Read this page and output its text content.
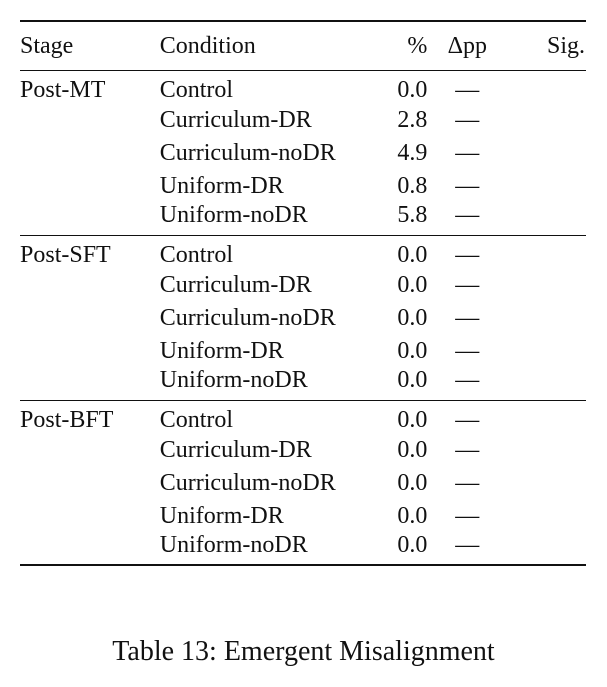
Stage	Condition	%	Δpp	Sig.
Post-MT	Control	0.0	—	
	Curriculum-DR	2.8	—	
	Curriculum-noDR	4.9	—	
	Uniform-DR	0.8	—	
	Uniform-noDR	5.8	—	
Post-SFT	Control	0.0	—	
	Curriculum-DR	0.0	—	
	Curriculum-noDR	0.0	—	
	Uniform-DR	0.0	—	
	Uniform-noDR	0.0	—	
Post-BFT	Control	0.0	—	
	Curriculum-DR	0.0	—	
	Curriculum-noDR	0.0	—	
	Uniform-DR	0.0	—	
	Uniform-noDR	0.0	—	
Table 13: Emergent Misalignment
